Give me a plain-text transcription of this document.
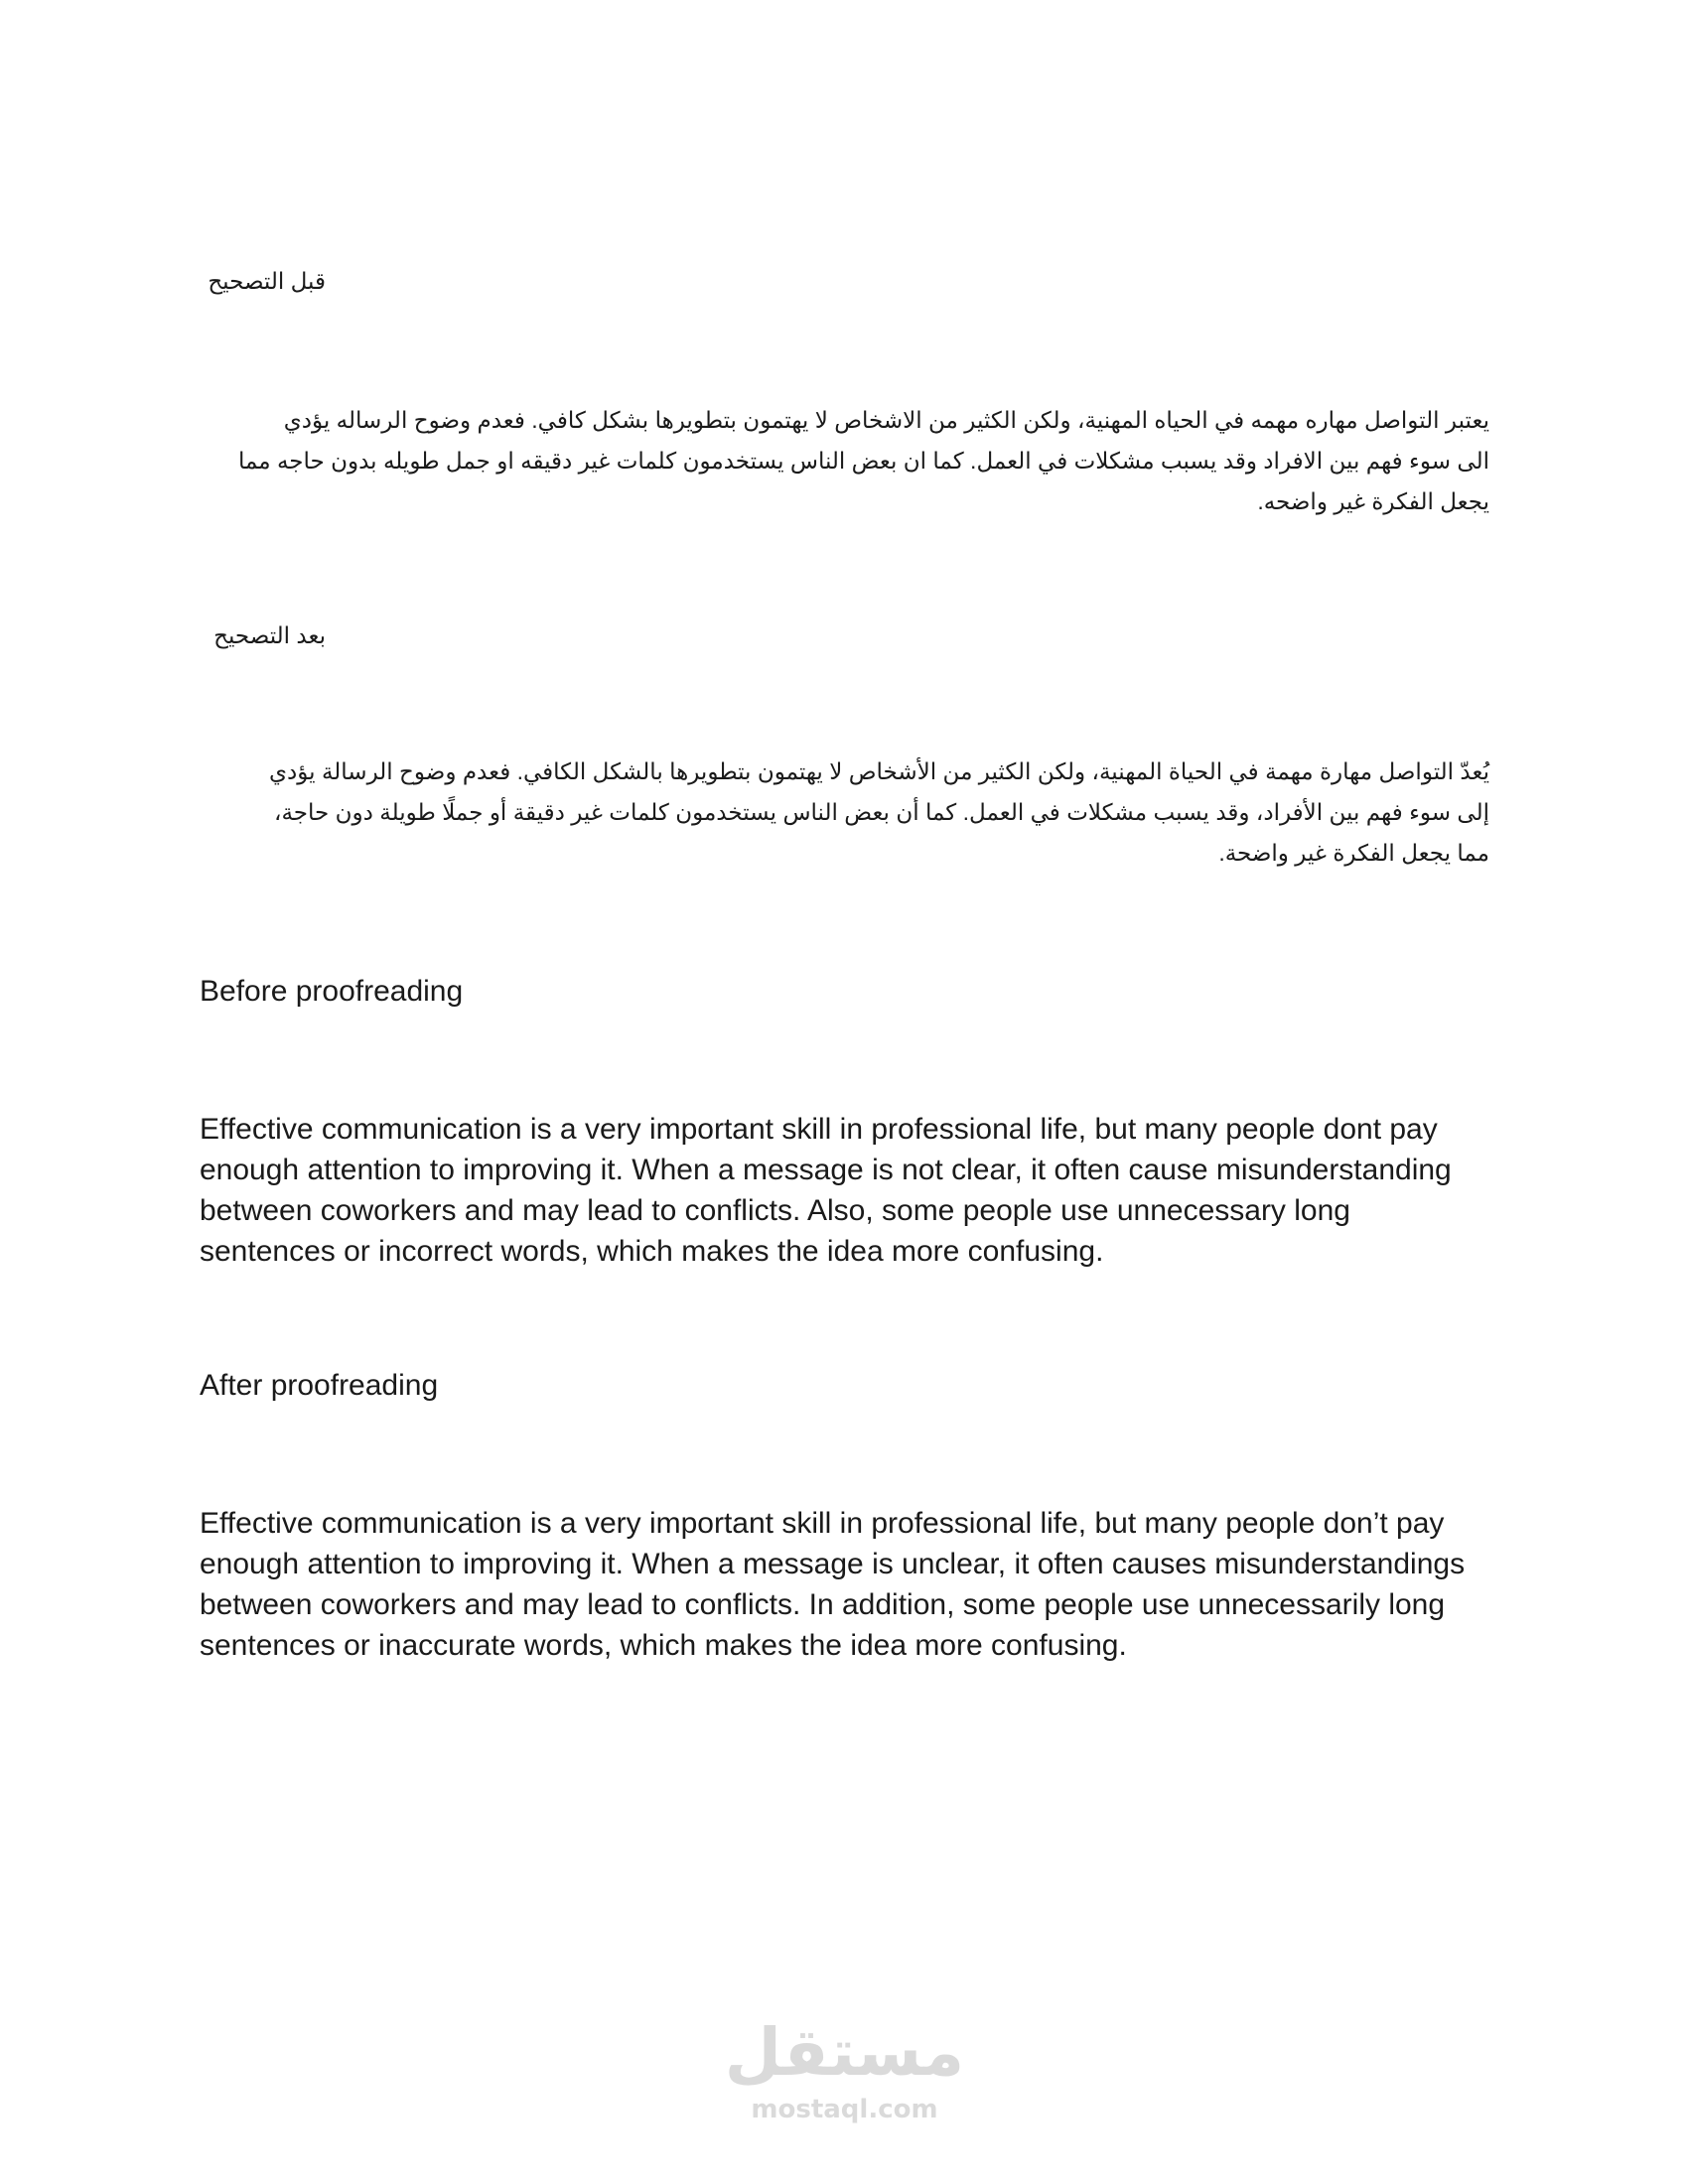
قبل التصحيح

يعتبر التواصل مهاره مهمه في الحياه المهنية، ولكن الكثير من الاشخاص لا يهتمون بتطويرها بشكل كافي. فعدم وضوح الرساله يؤدي
الى سوء فهم بين الافراد وقد يسبب مشكلات في العمل. كما ان بعض الناس يستخدمون كلمات غير دقيقه او جمل طويله بدون حاجه مما
يجعل الفكرة غير واضحه.

بعد التصحيح

يُعدّ التواصل مهارة مهمة في الحياة المهنية، ولكن الكثير من الأشخاص لا يهتمون بتطويرها بالشكل الكافي. فعدم وضوح الرسالة يؤدي
إلى سوء فهم بين الأفراد، وقد يسبب مشكلات في العمل. كما أن بعض الناس يستخدمون كلمات غير دقيقة أو جملًا طويلة دون حاجة،
مما يجعل الفكرة غير واضحة.

Before proofreading

Effective communication is a very important skill in professional life, but many people dont pay
enough attention to improving it. When a message is not clear, it often cause misunderstanding
between coworkers and may lead to conflicts. Also, some people use unnecessary long
sentences or incorrect words, which makes the idea more confusing.

After proofreading

Effective communication is a very important skill in professional life, but many people don’t pay
enough attention to improving it. When a message is unclear, it often causes misunderstandings
between coworkers and may lead to conflicts. In addition, some people use unnecessarily long
sentences or inaccurate words, which makes the idea more confusing.
مستقل
mostaql.com
